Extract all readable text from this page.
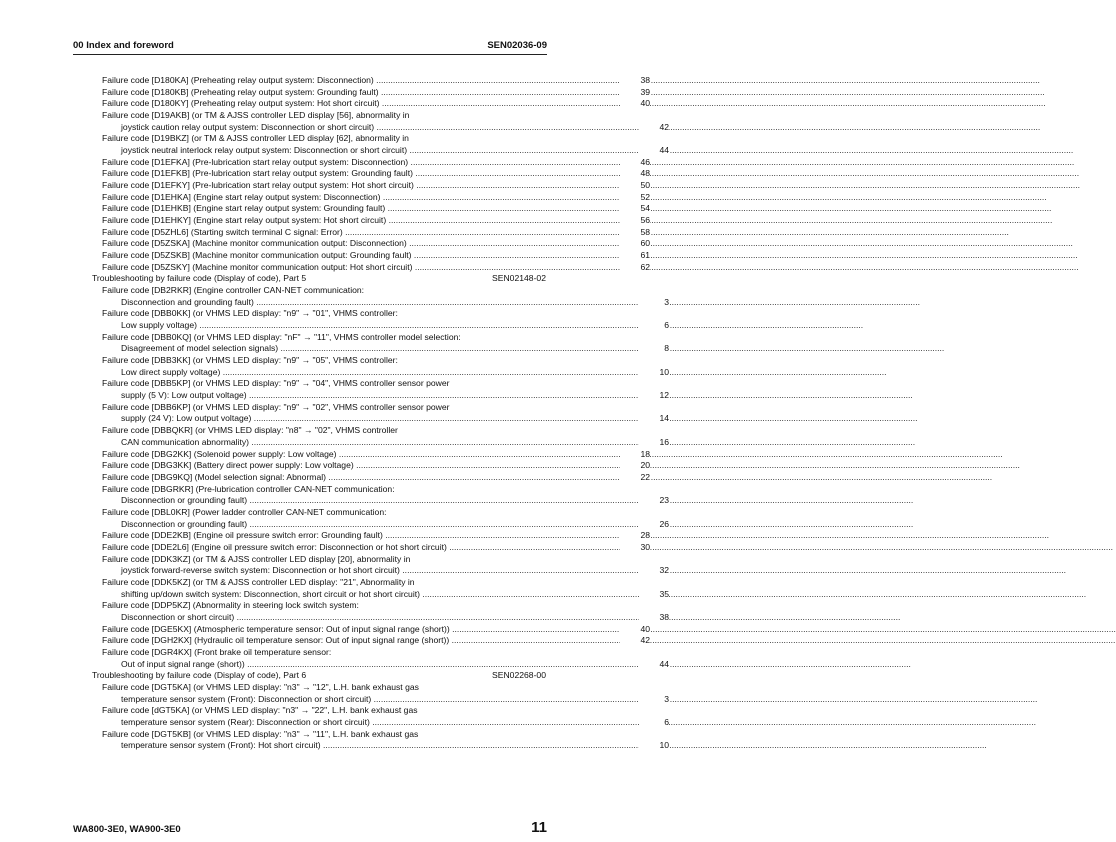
00 Index and foreword	SEN02036-09
Failure code [D180KA] (Preheating relay output system: Disconnection) .....	38
Failure code [D180KB] (Preheating relay output system: Grounding fault) .....	39
Failure code [D180KY] (Preheating relay output system: Hot short circuit) .....	40
Failure code [D19AKB] (or TM & AJSS controller LED display [56], abnormality in
joystick caution relay output system: Disconnection or short circuit) .....	42
Failure code [D19BKZ] (or TM & AJSS controller LED display [62], abnormality in
joystick neutral interlock relay output system: Disconnection or short circuit) .....	44
Failure code [D1EFKA] (Pre-lubrication start relay output system: Disconnection) .....	46
Failure code [D1EFKB] (Pre-lubrication start relay output system: Grounding fault) .....	48
Failure code [D1EFKY] (Pre-lubrication start relay output system: Hot short circuit) .....	50
Failure code [D1EHKA] (Engine start relay output system: Disconnection) .....	52
Failure code [D1EHKB] (Engine start relay output system: Grounding fault) .....	54
Failure code [D1EHKY] (Engine start relay output system: Hot short circuit) .....	56
Failure code [D5ZHL6] (Starting switch terminal C signal: Error) .....	58
Failure code [D5ZSKA] (Machine monitor communication output: Disconnection) .....	60
Failure code [D5ZSKB] (Machine monitor communication output: Grounding fault) .....	61
Failure code [D5ZSKY] (Machine monitor communication output: Hot short circuit) .....	62
Troubleshooting by failure code (Display of code), Part 5	SEN02148-02
Failure code [DB2RKR] (Engine controller CAN-NET communication:
Disconnection and grounding fault) .....	3
Failure code [DBB0KK] (or VHMS LED display: "n9" → "01", VHMS controller:
Low supply voltage) .....	6
Failure code [DBB0KQ] (or VHMS LED display: "nF" → "11", VHMS controller model selection:
Disagreement of model selection signals) .....	8
Failure code [DBB3KK] (or VHMS LED display: "n9" → "05", VHMS controller:
Low direct supply voltage) .....	10
Failure code [DBB5KP] (or VHMS LED display: "n9" → "04", VHMS controller sensor power
supply (5 V): Low output voltage) .....	12
Failure code [DBB6KP] (or VHMS LED display: "n9" → "02", VHMS controller sensor power
supply (24 V): Low output voltage) .....	14
Failure code [DBBQKR] (or VHMS LED display: "n8" → "02", VHMS controller
CAN communication abnormality) .....	16
Failure code [DBG2KK] (Solenoid power supply: Low voltage) .....	18
Failure code [DBG3KK] (Battery direct power supply: Low voltage) .....	20
Failure code [DBG9KQ] (Model selection signal: Abnormal) .....	22
Failure code [DBGRKR] (Pre-lubrication controller CAN-NET communication:
Disconnection or grounding fault) .....	23
Failure code [DBL0KR] (Power ladder controller CAN-NET communication:
Disconnection or grounding fault) .....	26
Failure code [DDE2KB] (Engine oil pressure switch error: Grounding fault) .....	28
Failure code [DDE2L6] (Engine oil pressure switch error: Disconnection or hot short circuit) .....	30
Failure code [DDK3KZ] (or TM & AJSS controller LED display [20], abnormality in
joystick forward-reverse switch system: Disconnection or hot short circuit) .....	32
Failure code [DDK5KZ] (or TM & AJSS controller LED display: "21", Abnormality in
shifting up/down switch system: Disconnection, short circuit or hot short circuit) .....	35
Failure code [DDP5KZ] (Abnormality in steering lock switch system:
Disconnection or short circuit) .....	38
Failure code [DGE5KX] (Atmospheric temperature sensor: Out of input signal range (short)) .....	40
Failure code [DGH2KX] (Hydraulic oil temperature sensor: Out of input signal range (short)) .....	42
Failure code [DGR4KX] (Front brake oil temperature sensor:
Out of input signal range (short)) .....	44
Troubleshooting by failure code (Display of code), Part 6	SEN02268-00
Failure code [DGT5KA] (or VHMS LED display: "n3" → "12", L.H. bank exhaust gas
temperature sensor system (Front): Disconnection or short circuit) .....	3
Failure code [dGT5KA] (or VHMS LED display: "n3" → "22", L.H. bank exhaust gas
temperature sensor system (Rear): Disconnection or short circuit) .....	6
Failure code [DGT5KB] (or VHMS LED display: "n3" → "11", L.H. bank exhaust gas
temperature sensor system (Front): Hot short circuit) .....	10
WA800-3E0, WA900-3E0	11
